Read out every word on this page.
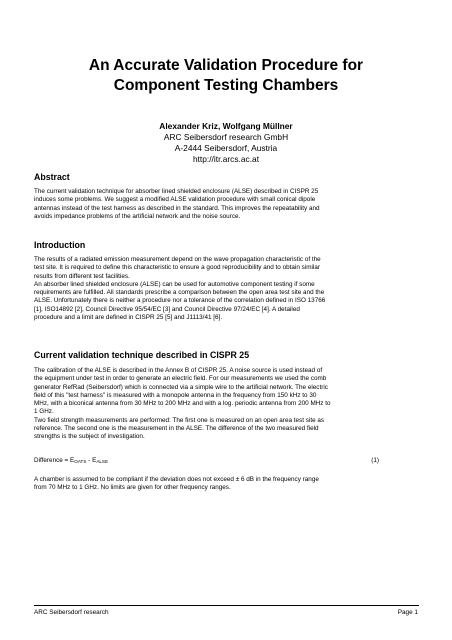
An Accurate Validation Procedure for
Component Testing Chambers
Alexander Kriz, Wolfgang Müllner
ARC Seibersdorf research GmbH
A-2444 Seibersdorf, Austria
http://itr.arcs.ac.at
Abstract

The current validation technique for absorber lined shielded enclosure (ALSE) described in CISPR 25
induces some problems. We suggest a modified ALSE validation procedure with small conical dipole
antennas instead of the test harness as described in the standard. This improves the repeatability and
avoids impedance problems of the artificial network and the noise source.

Introduction

The results of a radiated emission measurement depend on the wave propagation characteristic of the
test site. It is required to define this characteristic to ensure a good reproducibility and to obtain similar
results from different test facilities.
An absorber lined shielded enclosure (ALSE) can be used for automotive component testing if some
requirements are fulfilled. All standards prescribe a comparison between the open area test site and the
ALSE. Unfortunately there is neither a procedure nor a tolerance of the correlation defined in ISO 13766
[1], ISO14892 [2], Council Directive 95/54/EC [3] and Council Directive 97/24/EC [4]. A detailed
procedure and a limit are defined in CISPR 25 [5] and J1113/41 [6].

Current validation technique described in CISPR 25

The calibration of the ALSE is described in the Annex B of CISPR 25. A noise source is used instead of
the equipment under test in order to generate an electric field. For our measurements we used the comb
generator RefRad (Seibersdorf) which is connected via a simple wire to the artificial network. The electric
field of this "test harness" is measured with a monopole antenna in the frequency from 150 kHz to 30
MHz, with a biconical antenna from 30 MHz to 200 MHz and with a log. periodic antenna from 200 MHz to
1 GHz.
Two field strength measurements are performed: The first one is measured on an open area test site as
reference. The second one is the measurement in the ALSE. The difference of the two measured field
strengths is the subject of investigation.

Difference = $E_{OATS} - E_{ALSE}$	(1)

A chamber is assumed to be compliant if the deviation does not exceed ± 6 dB in the frequency range
from 70 MHz to 1 GHz. No limits are given for other frequency ranges.

ARC Seibersdorf research	Page 1
